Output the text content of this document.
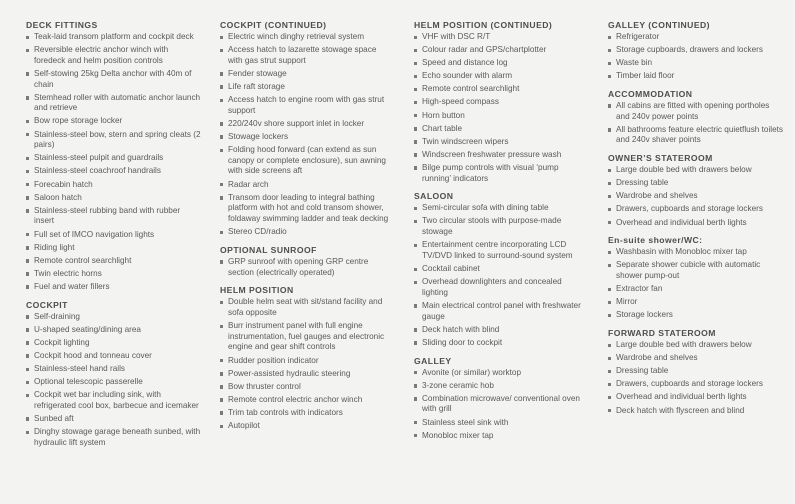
DECK FITTINGS
Teak-laid transom platform and cockpit deck
Reversible electric anchor winch with foredeck and helm position controls
Self-stowing 25kg Delta anchor with 40m of chain
Stemhead roller with automatic anchor launch and retrieve
Bow rope storage locker
Stainless-steel bow, stern and spring cleats (2 pairs)
Stainless-steel pulpit and guardrails
Stainless-steel coachroof handrails
Forecabin hatch
Saloon hatch
Stainless-steel rubbing band with rubber insert
Full set of IMCO navigation lights
Riding light
Remote control searchlight
Twin electric horns
Fuel and water fillers
COCKPIT
Self-draining
U-shaped seating/dining area
Cockpit lighting
Cockpit hood and tonneau cover
Stainless-steel hand rails
Optional telescopic passerelle
Cockpit wet bar including sink, with refrigerated cool box, barbecue and icemaker
Sunbed aft
Dinghy stowage garage beneath sunbed, with hydraulic lift system
COCKPIT (CONTINUED)
Electric winch dinghy retrieval system
Access hatch to lazarette stowage space with gas strut support
Fender stowage
Life raft storage
Access hatch to engine room with gas strut support
220/240v shore support inlet in locker
Stowage lockers
Folding hood forward (can extend as sun canopy or complete enclosure), sun awning with side screens aft
Radar arch
Transom door leading to integral bathing platform with hot and cold transom shower, foldaway swimming ladder and teak decking
Stereo CD/radio
OPTIONAL SUNROOF
GRP sunroof with opening GRP centre section (electrically operated)
HELM POSITION
Double helm seat with sit/stand facility and sofa opposite
Burr instrument panel with full engine instrumentation, fuel gauges and electronic engine and gear shift controls
Rudder position indicator
Power-assisted hydraulic steering
Bow thruster control
Remote control electric anchor winch
Trim tab controls with indicators
Autopilot
HELM POSITION (CONTINUED)
VHF with DSC R/T
Colour radar and GPS/chartplotter
Speed and distance log
Echo sounder with alarm
Remote control searchlight
High-speed compass
Horn button
Chart table
Twin windscreen wipers
Windscreen freshwater pressure wash
Bilge pump controls with visual ‘pump running’ indicators
SALOON
Semi-circular sofa with dining table
Two circular stools with purpose-made stowage
Entertainment centre incorporating LCD TV/DVD linked to surround-sound system
Cocktail cabinet
Overhead downlighters and concealed lighting
Main electrical control panel with freshwater gauge
Deck hatch with blind
Sliding door to cockpit
GALLEY
Avonite (or similar) worktop
3-zone ceramic hob
Combination microwave/ conventional oven with grill
Stainless steel sink with
Monobloc mixer tap
GALLEY (CONTINUED)
Refrigerator
Storage cupboards, drawers and lockers
Waste bin
Timber laid floor
ACCOMMODATION
All cabins are fitted with opening portholes and 240v power points
All bathrooms feature electric quietflush toilets and 240v shaver points
OWNER’S STATEROOM
Large double bed with drawers below
Dressing table
Wardrobe and shelves
Drawers, cupboards and storage lockers
Overhead and individual berth lights
En-suite shower/WC:
Washbasin with Monobloc mixer tap
Separate shower cubicle with automatic shower pump-out
Extractor fan
Mirror
Storage lockers
FORWARD STATEROOM
Large double bed with drawers below
Wardrobe and shelves
Dressing table
Drawers, cupboards and storage lockers
Overhead and individual berth lights
Deck hatch with flyscreen and blind
